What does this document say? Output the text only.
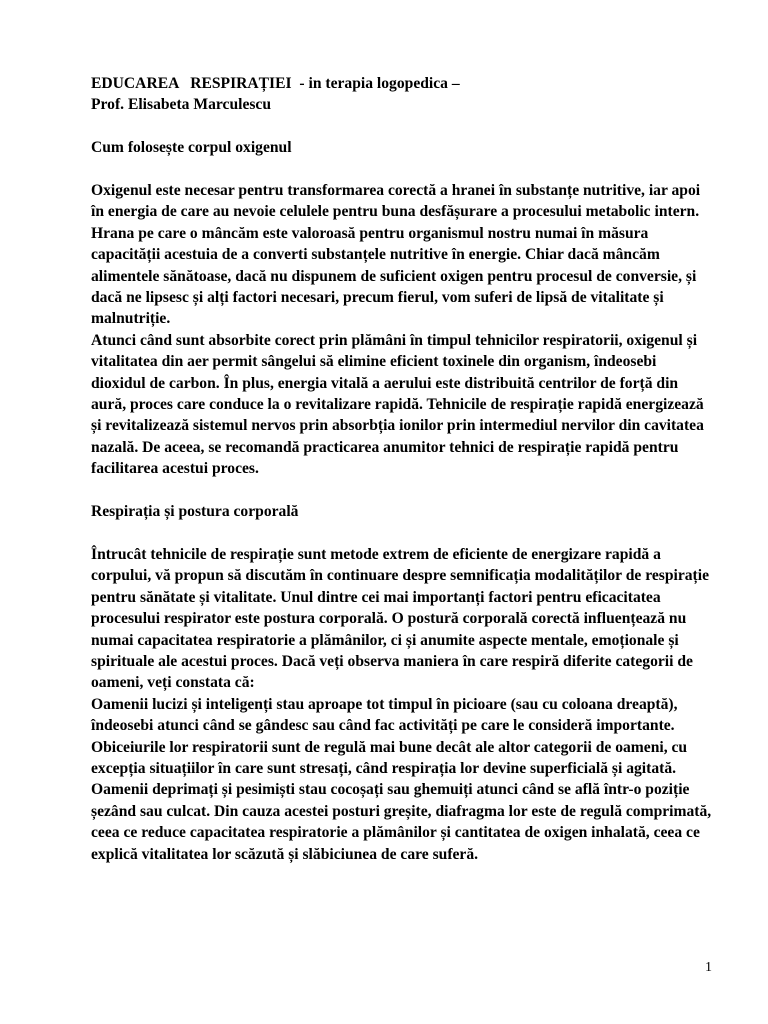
EDUCAREA   RESPIRAȚIEI  - in terapia logopedica –
Prof. Elisabeta Marculescu
Cum folosește corpul oxigenul

Oxigenul este necesar pentru transformarea corectă a hranei în substanțe nutritive, iar apoi în energia de care au nevoie celulele pentru buna desfășurare a procesului metabolic intern. Hrana pe care o mâncăm este valoroasă pentru organismul nostru numai în măsura capacității acestuia de a converti substanțele nutritive în energie. Chiar dacă mâncăm alimentele sănătoase, dacă nu dispunem de suficient oxigen pentru procesul de conversie, și dacă ne lipsesc și alți factori necesari, precum fierul, vom suferi de lipsă de vitalitate și malnutriție.

Atunci când sunt absorbite corect prin plămâni în timpul tehnicilor respiratorii, oxigenul și vitalitatea din aer permit sângelui să elimine eficient toxinele din organism, îndeosebi dioxidul de carbon. În plus, energia vitală a aerului este distribuită centrilor de forță din aură, proces care conduce la o revitalizare rapidă. Tehnicile de respirație rapidă energizează și revitalizează sistemul nervos prin absorbția ionilor prin intermediul nervilor din cavitatea nazală. De aceea, se recomandă practicarea anumitor tehnici de respirație rapidă pentru facilitarea acestui proces.

Respirația și postura corporală

Întrucât tehnicile de respirație sunt metode extrem de eficiente de energizare rapidă a corpului, vă propun să discutăm în continuare despre semnificația modalităților de respirație pentru sănătate și vitalitate. Unul dintre cei mai importanți factori pentru eficacitatea procesului respirator este postura corporală. O postură corporală corectă influențează nu numai capacitatea respiratorie a plămânilor, ci și anumite aspecte mentale, emoționale și spirituale ale acestui proces. Dacă veți observa maniera în care respiră diferite categorii de oameni, veți constata că:

Oamenii lucizi și inteligenți stau aproape tot timpul în picioare (sau cu coloana dreaptă), îndeosebi atunci când se gândesc sau când fac activități pe care le consideră importante. Obiceiurile lor respiratorii sunt de regulă mai bune decât ale altor categorii de oameni, cu excepția situațiilor în care sunt stresați, când respirația lor devine superficială și agitată. Oamenii deprimați și pesimiști stau cocoșați sau ghemuiți atunci când se află într-o poziție șezând sau culcat. Din cauza acestei posturi greșite, diafragma lor este de regulă comprimată, ceea ce reduce capacitatea respiratorie a plămânilor și cantitatea de oxigen inhalată, ceea ce explică vitalitatea lor scăzută și slăbiciunea de care suferă.

1
